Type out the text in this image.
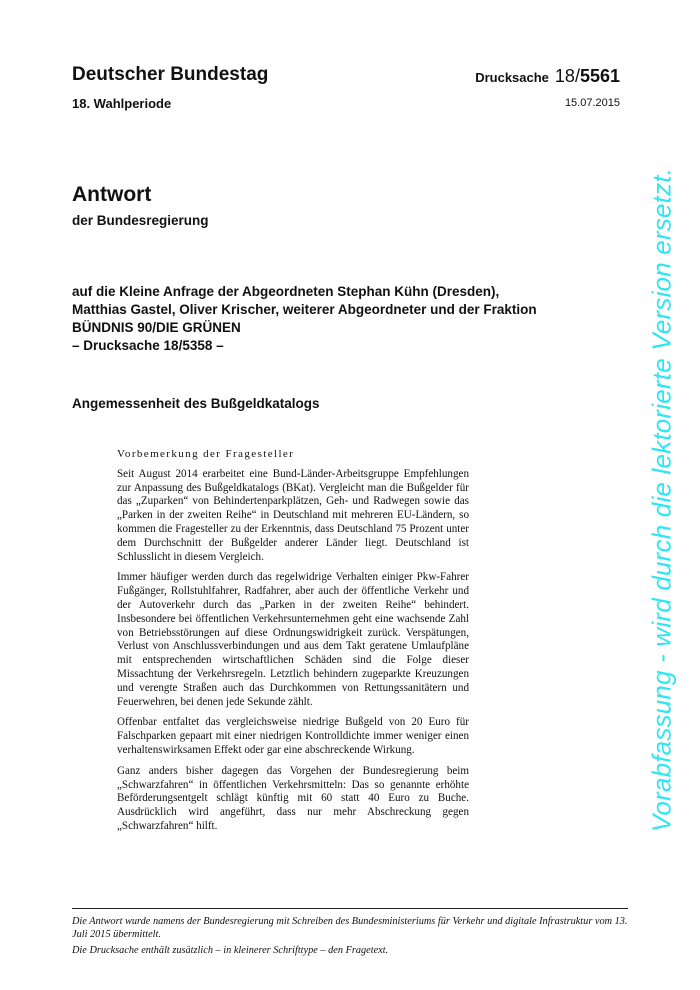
Deutscher Bundestag	Drucksache 18/5561
18. Wahlperiode	15.07.2015
Antwort
der Bundesregierung
auf die Kleine Anfrage der Abgeordneten Stephan Kühn (Dresden),
Matthias Gastel, Oliver Krischer, weiterer Abgeordneter und der Fraktion
BÜNDNIS 90/DIE GRÜNEN
– Drucksache 18/5358 –
Angemessenheit des Bußgeldkatalogs
Vorbemerkung der Fragesteller

Seit August 2014 erarbeitet eine Bund-Länder-Arbeitsgruppe Empfehlungen zur Anpassung des Bußgeldkatalogs (BKat). Vergleicht man die Bußgelder für das „Zuparken“ von Behindertenparkplätzen, Geh- und Radwegen sowie das „Parken in der zweiten Reihe“ in Deutschland mit mehreren EU-Ländern, so kommen die Fragesteller zu der Erkenntnis, dass Deutschland 75 Prozent unter dem Durchschnitt der Bußgelder anderer Länder liegt. Deutschland ist Schlusslicht in diesem Vergleich.

Immer häufiger werden durch das regelwidrige Verhalten einiger Pkw-Fahrer Fußgänger, Rollstuhlfahrer, Radfahrer, aber auch der öffentliche Verkehr und der Autoverkehr durch das „Parken in der zweiten Reihe“ behindert. Insbesondere bei öffentlichen Verkehrsunternehmen geht eine wachsende Zahl von Betriebsstörungen auf diese Ordnungswidrigkeit zurück. Verspätungen, Verlust von Anschlussverbindungen und aus dem Takt geratene Umlaufpläne mit entsprechenden wirtschaftlichen Schäden sind die Folge dieser Missachtung der Verkehrsregeln. Letztlich behindern zugeparkte Kreuzungen und verengte Straßen auch das Durchkommen von Rettungssanitätern und Feuerwehren, bei denen jede Sekunde zählt.

Offenbar entfaltet das vergleichsweise niedrige Bußgeld von 20 Euro für Falschparken gepaart mit einer niedrigen Kontrolldichte immer weniger einen verhaltenswirksamen Effekt oder gar eine abschreckende Wirkung.

Ganz anders bisher dagegen das Vorgehen der Bundesregierung beim „Schwarzfahren“ in öffentlichen Verkehrsmitteln: Das so genannte erhöhte Beförderungsentgelt schlägt künftig mit 60 statt 40 Euro zu Buche. Ausdrücklich wird angeführt, dass nur mehr Abschreckung gegen „Schwarzfahren“ hilft.

Die Antwort wurde namens der Bundesregierung mit Schreiben des Bundesministeriums für Verkehr und digitale Infrastruktur vom 13. Juli 2015 übermittelt.

Die Drucksache enthält zusätzlich – in kleinerer Schrifttype – den Fragetext.

Vorabfassung - wird durch die lektorierte Version ersetzt.
